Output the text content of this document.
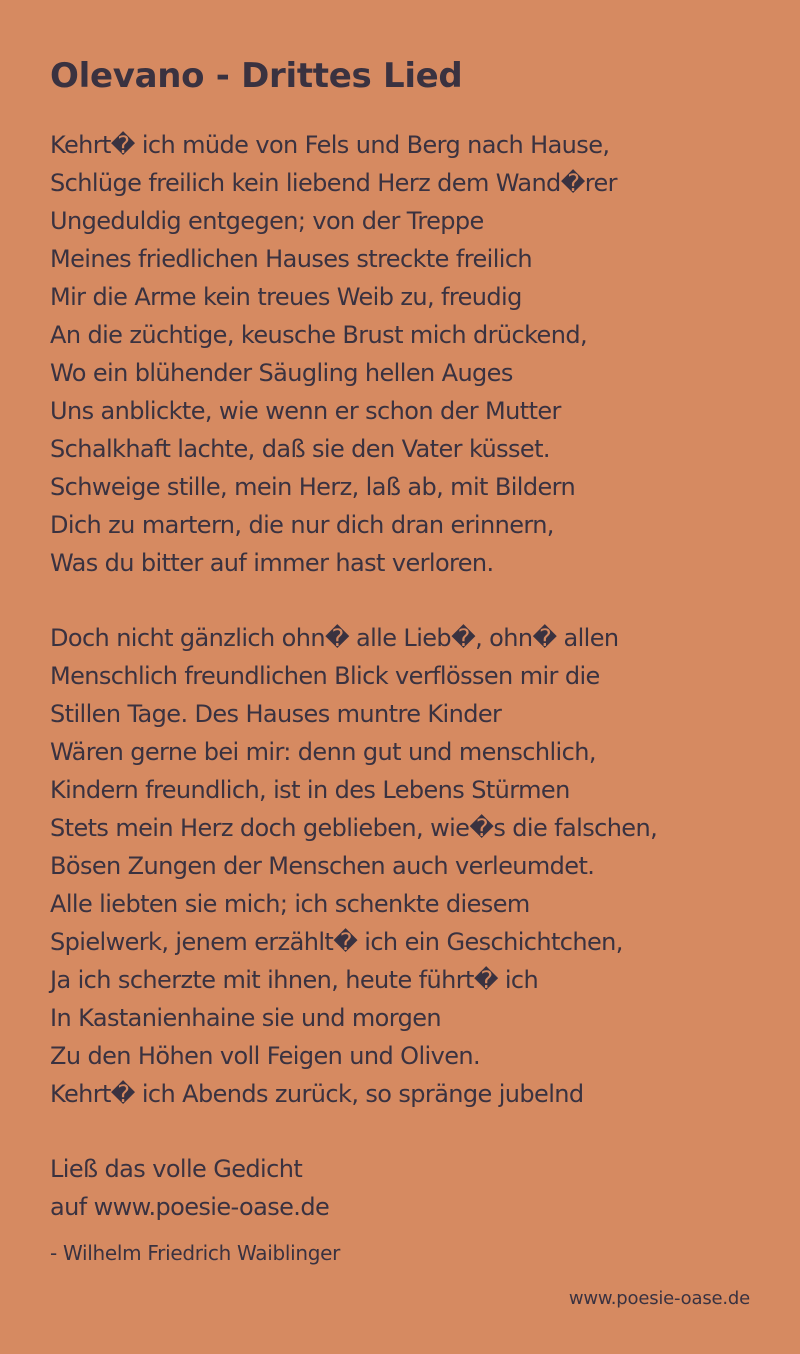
Olevano - Drittes Lied
Kehrt� ich müde von Fels und Berg nach Hause,
Schlüge freilich kein liebend Herz dem Wand�rer
Ungeduldig entgegen; von der Treppe
Meines friedlichen Hauses streckte freilich
Mir die Arme kein treues Weib zu, freudig
An die züchtige, keusche Brust mich drückend,
Wo ein blühender Säugling hellen Auges
Uns anblickte, wie wenn er schon der Mutter
Schalkhaft lachte, daß sie den Vater küsset.
Schweige stille, mein Herz, laß ab, mit Bildern
Dich zu martern, die nur dich dran erinnern,
Was du bitter auf immer hast verloren.
Doch nicht gänzlich ohn� alle Lieb�, ohn� allen
Menschlich freundlichen Blick verflössen mir die
Stillen Tage. Des Hauses muntre Kinder
Wären gerne bei mir: denn gut und menschlich,
Kindern freundlich, ist in des Lebens Stürmen
Stets mein Herz doch geblieben, wie�s die falschen,
Bösen Zungen der Menschen auch verleumdet.
Alle liebten sie mich; ich schenkte diesem
Spielwerk, jenem erzählt� ich ein Geschichtchen,
Ja ich scherzte mit ihnen, heute führt� ich
In Kastanienhaine sie und morgen
Zu den Höhen voll Feigen und Oliven.
Kehrt� ich Abends zurück, so spränge jubelnd
Ließ das volle Gedicht
auf www.poesie-oase.de
- Wilhelm Friedrich Waiblinger
www.poesie-oase.de
